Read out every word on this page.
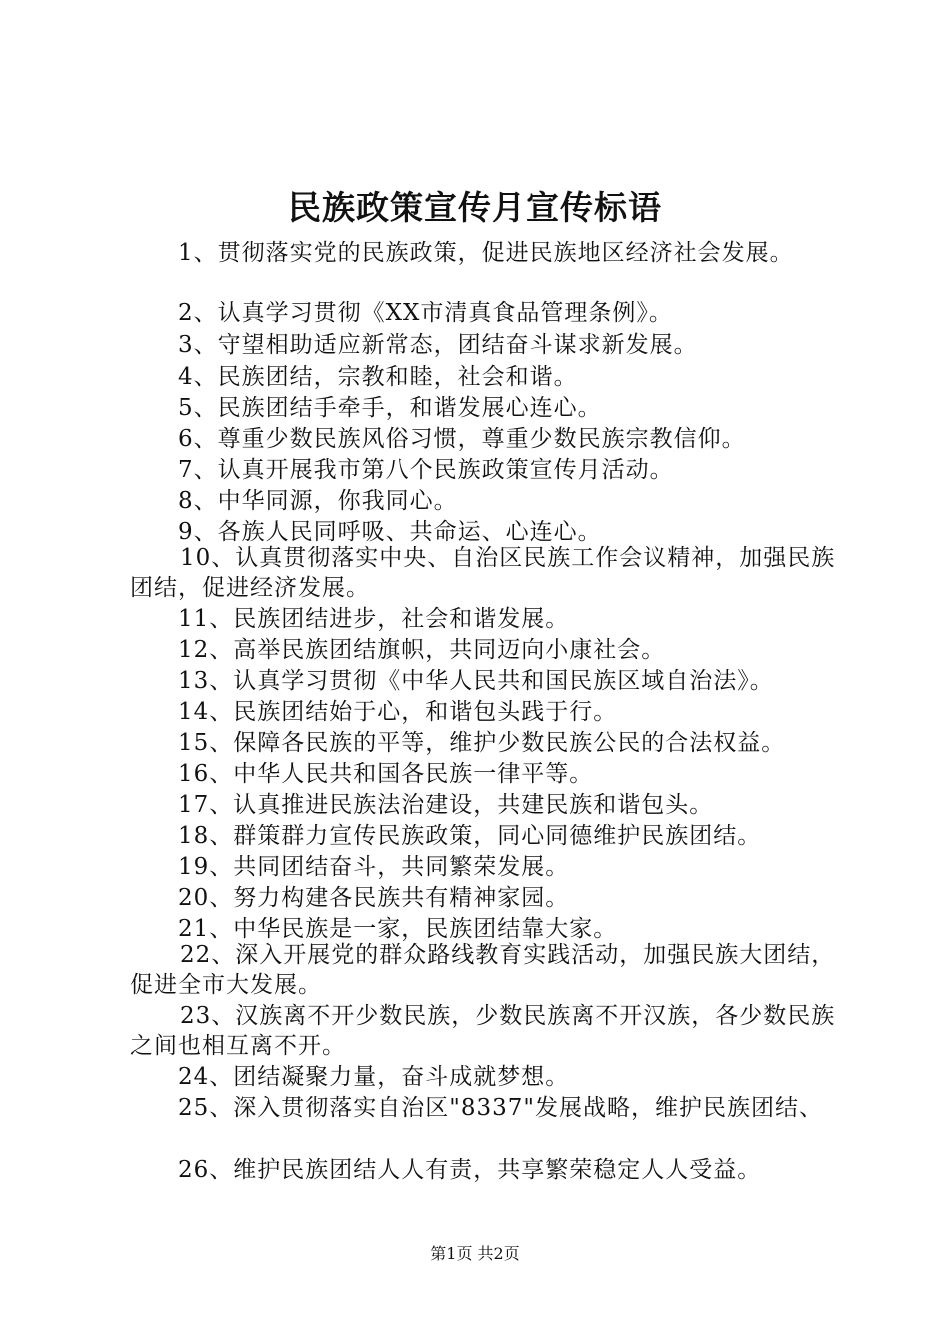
民族政策宣传月宣传标语

1、贯彻落实党的民族政策，促进民族地区经济社会发展。

2、认真学习贯彻《XX市清真食品管理条例》。

3、守望相助适应新常态，团结奋斗谋求新发展。

4、民族团结，宗教和睦，社会和谐。

5、民族团结手牵手，和谐发展心连心。

6、尊重少数民族风俗习惯，尊重少数民族宗教信仰。

7、认真开展我市第八个民族政策宣传月活动。

8、中华同源，你我同心。

9、各族人民同呼吸、共命运、心连心。

10、认真贯彻落实中央、自治区民族工作会议精神，加强民族团结，促进经济发展。

11、民族团结进步，社会和谐发展。

12、高举民族团结旗帜，共同迈向小康社会。

13、认真学习贯彻《中华人民共和国民族区域自治法》。

14、民族团结始于心，和谐包头践于行。

15、保障各民族的平等，维护少数民族公民的合法权益。

16、中华人民共和国各民族一律平等。

17、认真推进民族法治建设，共建民族和谐包头。

18、群策群力宣传民族政策，同心同德维护民族团结。

19、共同团结奋斗，共同繁荣发展。

20、努力构建各民族共有精神家园。

21、中华民族是一家，民族团结靠大家。

22、深入开展党的群众路线教育实践活动，加强民族大团结，促进全市大发展。

23、汉族离不开少数民族，少数民族离不开汉族，各少数民族之间也相互离不开。

24、团结凝聚力量，奋斗成就梦想。

25、深入贯彻落实自治区"8337"发展战略，维护民族团结、

26、维护民族团结人人有责，共享繁荣稳定人人受益。

第1页 共2页
